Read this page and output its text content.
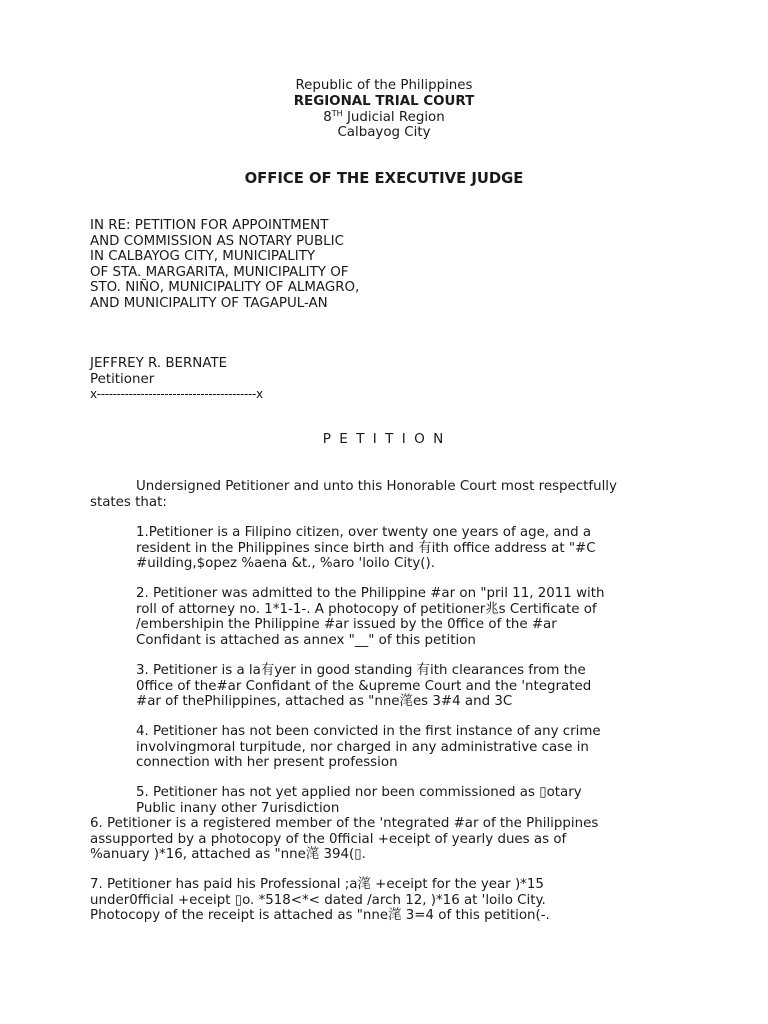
Republic of the Philippines
REGIONAL TRIAL COURT
8TH Judicial Region
Calbayog City
OFFICE OF THE EXECUTIVE JUDGE
IN RE: PETITION FOR APPOINTMENT
AND COMMISSION AS NOTARY PUBLIC
IN CALBAYOG CITY, MUNICIPALITY
OF STA. MARGARITA, MUNICIPALITY OF
STO. NIÑO, MUNICIPALITY OF ALMAGRO,
AND MUNICIPALITY OF TAGAPUL-AN
JEFFREY R. BERNATE
Petitioner
x----------------------------------------x
P E T I T I O N
Undersigned Petitioner and unto this Honorable Court most respectfully
states that:
1.Petitioner is a Filipino citizen, over twenty one years of age, and a
resident in the Philippines since birth and 有ith office address at "#C
#uilding,$opez %aena &t., %aro 'loilo City().
2. Petitioner was admitted to the Philippine #ar on "pril 11, 2011 with
roll of attorney no. 1*1-1-. A photocopy of petitioner兆s Certificate of
/embershipin the Philippine #ar issued by the 0ffice of the #ar
Confidant is attached as annex "__" of this petition
3. Petitioner is a la有yer in good standing 有ith clearances from the
0ffice of the#ar Confidant of the &upreme Court and the 'ntegrated
#ar of thePhilippines, attached as "nne滗es 3#4 and 3C
4. Petitioner has not been convicted in the first instance of any crime
involvingmoral turpitude, nor charged in any administrative case in
connection with her present profession
5. Petitioner has not yet applied nor been commissioned as ▯otary
Public inany other 7urisdiction
6. Petitioner is a registered member of the 'ntegrated #ar of the Philippines
assupported by a photocopy of the 0fficial +eceipt of yearly dues as of
%anuary )*16, attached as "nne滗 394(▯.
7. Petitioner has paid his Professional ;a滗 +eceipt for the year )*15
under0fficial +eceipt ▯o. *518<*< dated /arch 12, )*16 at 'loilo City.
Photocopy of the receipt is attached as "nne滗 3=4 of this petition(-.
